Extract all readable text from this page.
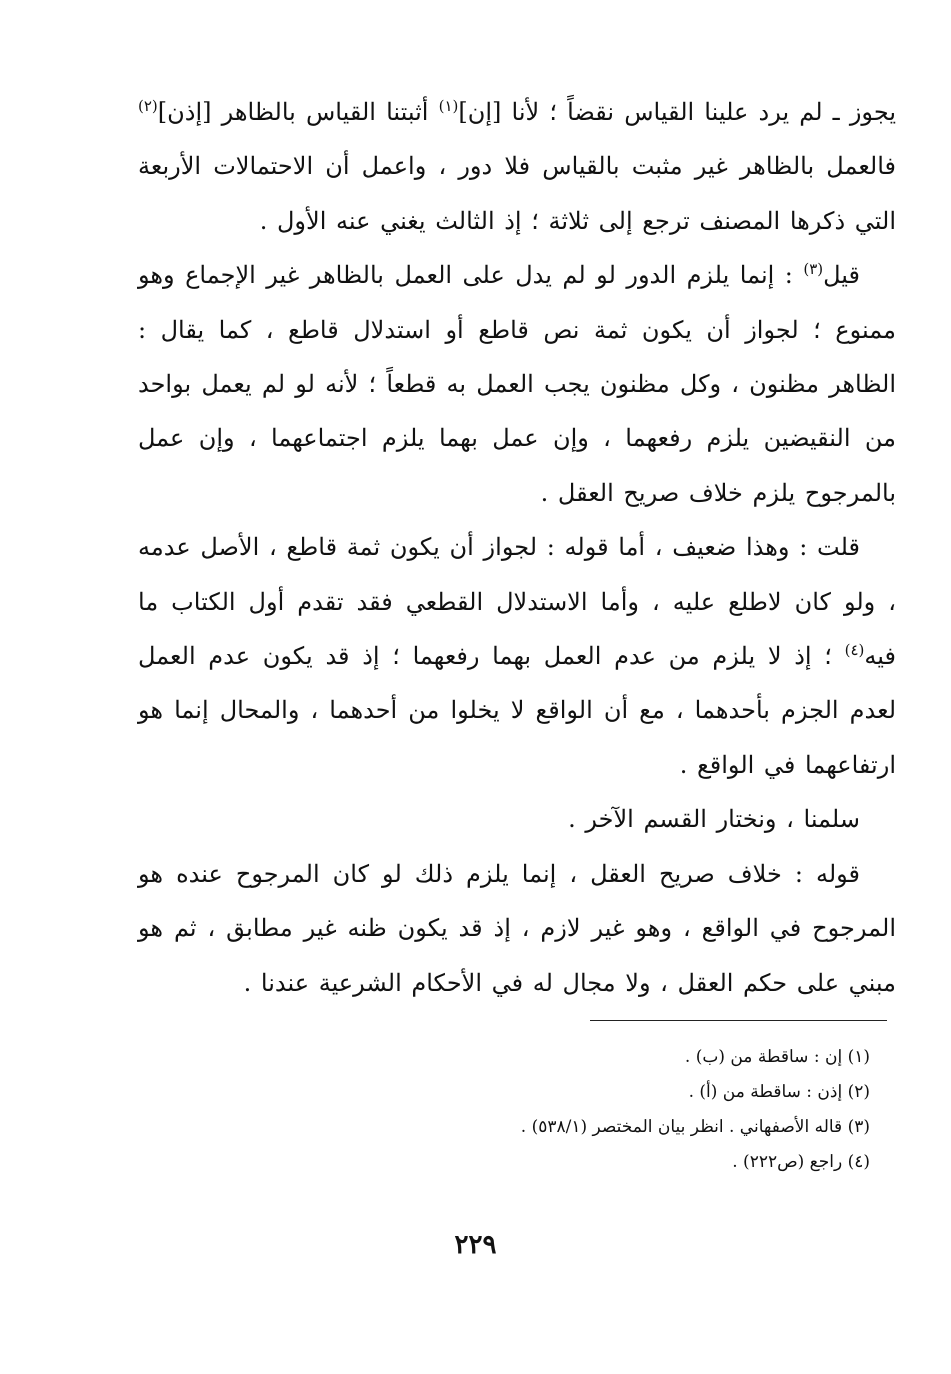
يجوز ـ لم يرد علينا القياس نقضاً ؛ لأنا [إن]$^{(١)}$ أثبتنا القياس بالظاهر [إذن]$^{(٢)}$ فالعمل بالظاهر غير مثبت بالقياس فلا دور ، واعمل أن الاحتمالات الأربعة التي ذكرها المصنف ترجع إلى ثلاثة ؛ إذ الثالث يغني عنه الأول .

قيل$^{(٣)}$ : إنما يلزم الدور لو لم يدل على العمل بالظاهر غير الإجماع وهو ممنوع ؛ لجواز أن يكون ثمة نص قاطع أو استدلال قاطع ، كما يقال : الظاهر مظنون ، وكل مظنون يجب العمل به قطعاً ؛ لأنه لو لم يعمل بواحد من النقيضين يلزم رفعهما ، وإن عمل بهما يلزم اجتماعهما ، وإن عمل بالمرجوح يلزم خلاف صريح العقل .

قلت : وهذا ضعيف ، أما قوله : لجواز أن يكون ثمة قاطع ، الأصل عدمه ، ولو كان لاطلع عليه ، وأما الاستدلال القطعي فقد تقدم أول الكتاب ما فيه$^{(٤)}$ ؛ إذ لا يلزم من عدم العمل بهما رفعهما ؛ إذ قد يكون عدم العمل لعدم الجزم بأحدهما ، مع أن الواقع لا يخلوا من أحدهما ، والمحال إنما هو ارتفاعهما في الواقع .

سلمنا ، ونختار القسم الآخر .

قوله : خلاف صريح العقل ، إنما يلزم ذلك لو كان المرجوح عنده هو المرجوح في الواقع ، وهو غير لازم ، إذ قد يكون ظنه غير مطابق ، ثم هو مبني على حكم العقل ، ولا مجال له في الأحكام الشرعية عندنا .

(١) إن : ساقطة من (ب) .
(٢) إذن : ساقطة من (أ) .
(٣) قاله الأصفهاني . انظر بيان المختصر (٥٣٨/١) .
(٤) راجع (ص٢٢٢) .
٢٢٩
